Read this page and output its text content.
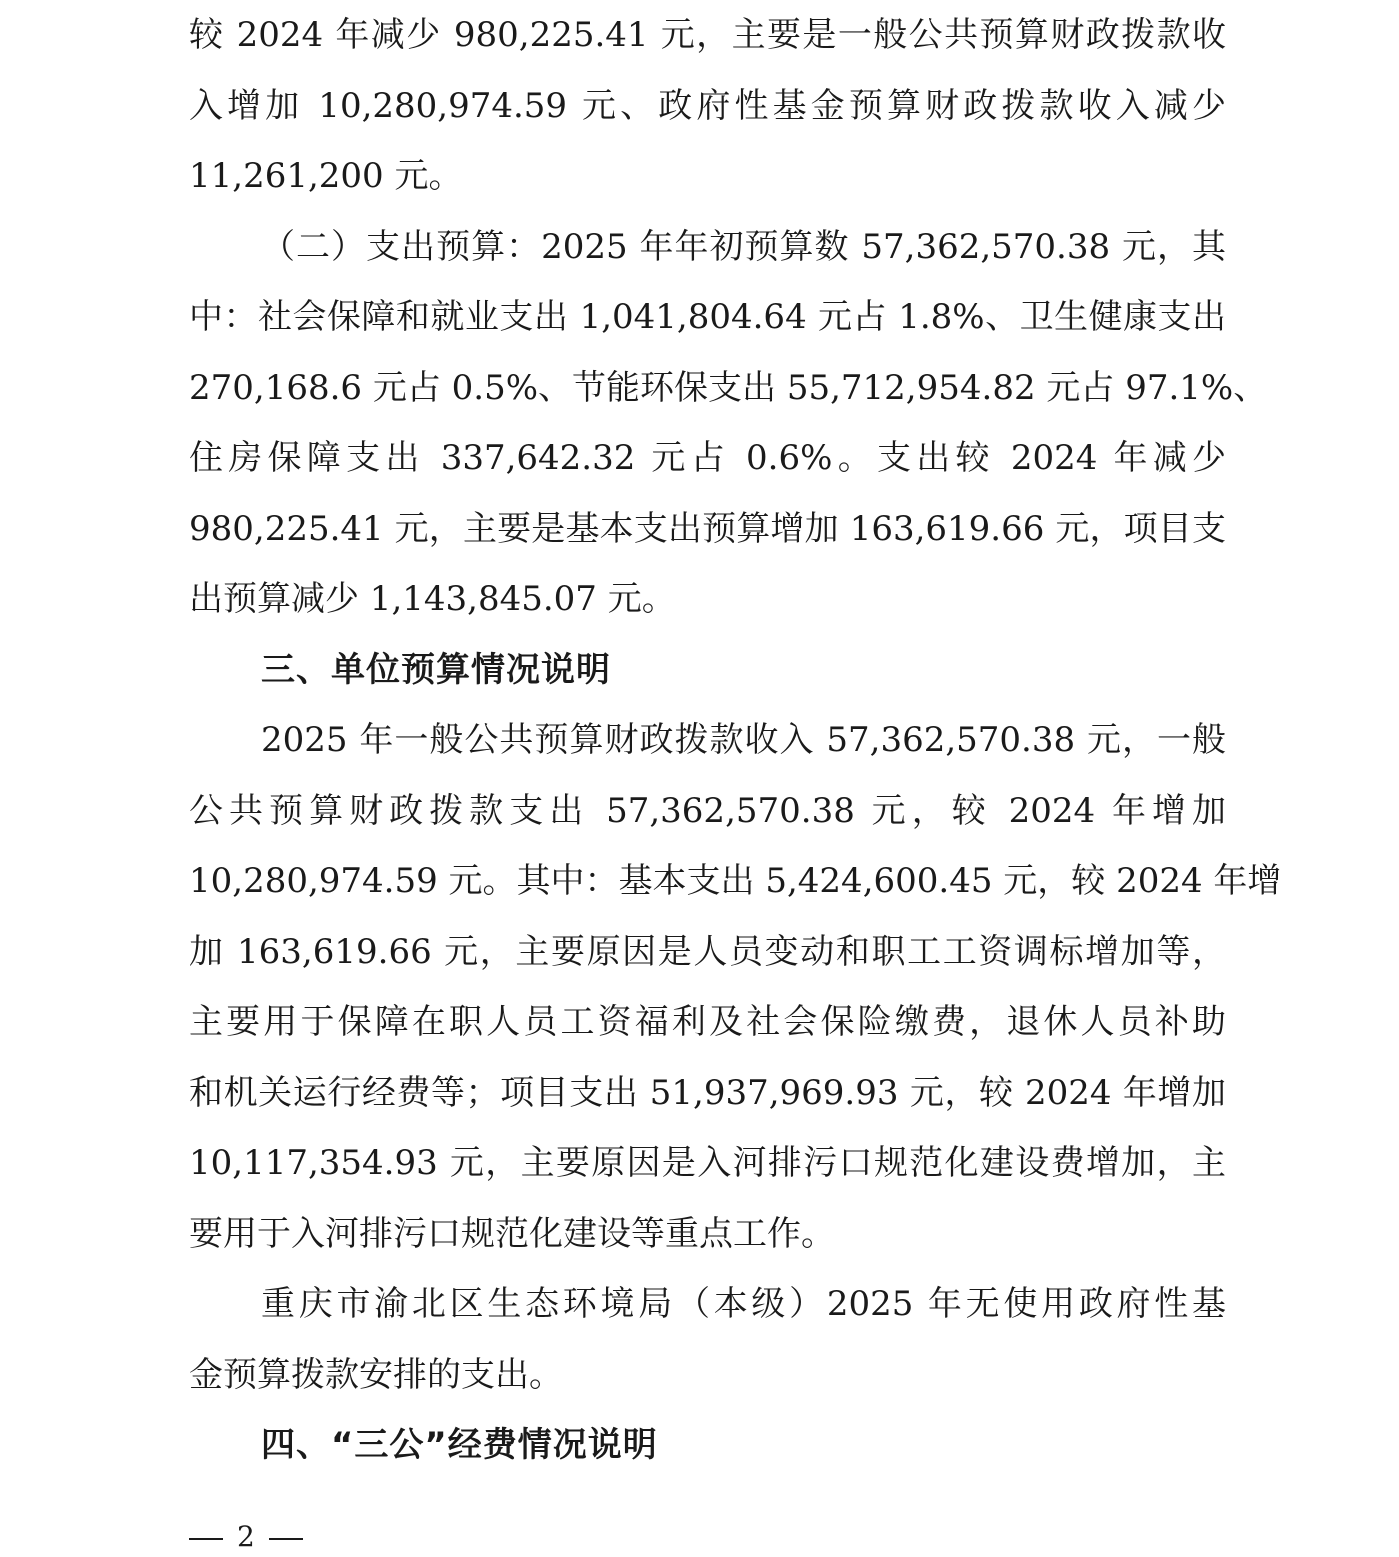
较 2024 年减少 980,225.41 元，主要是一般公共预算财政拨款收
入增加 10,280,974.59 元、政府性基金预算财政拨款收入减少
11,261,200 元。
（二）支出预算：2025 年年初预算数 57,362,570.38 元，其
中：社会保障和就业支出 1,041,804.64 元占 1.8%、卫生健康支出
270,168.6 元占 0.5%、节能环保支出 55,712,954.82 元占 97.1%、
住房保障支出 337,642.32 元占 0.6%。支出较 2024 年减少
980,225.41 元，主要是基本支出预算增加 163,619.66 元，项目支
出预算减少 1,143,845.07 元。
三、单位预算情况说明
2025 年一般公共预算财政拨款收入 57,362,570.38 元，一般
公共预算财政拨款支出 57,362,570.38 元，较 2024 年增加
10,280,974.59 元。其中：基本支出 5,424,600.45 元，较 2024 年增
加 163,619.66 元，主要原因是人员变动和职工工资调标增加等，
主要用于保障在职人员工资福利及社会保险缴费，退休人员补助
和机关运行经费等；项目支出 51,937,969.93 元，较 2024 年增加
10,117,354.93 元，主要原因是入河排污口规范化建设费增加，主
要用于入河排污口规范化建设等重点工作。
重庆市渝北区生态环境局（本级）2025 年无使用政府性基
金预算拨款安排的支出。
四、“三公”经费情况说明
2
